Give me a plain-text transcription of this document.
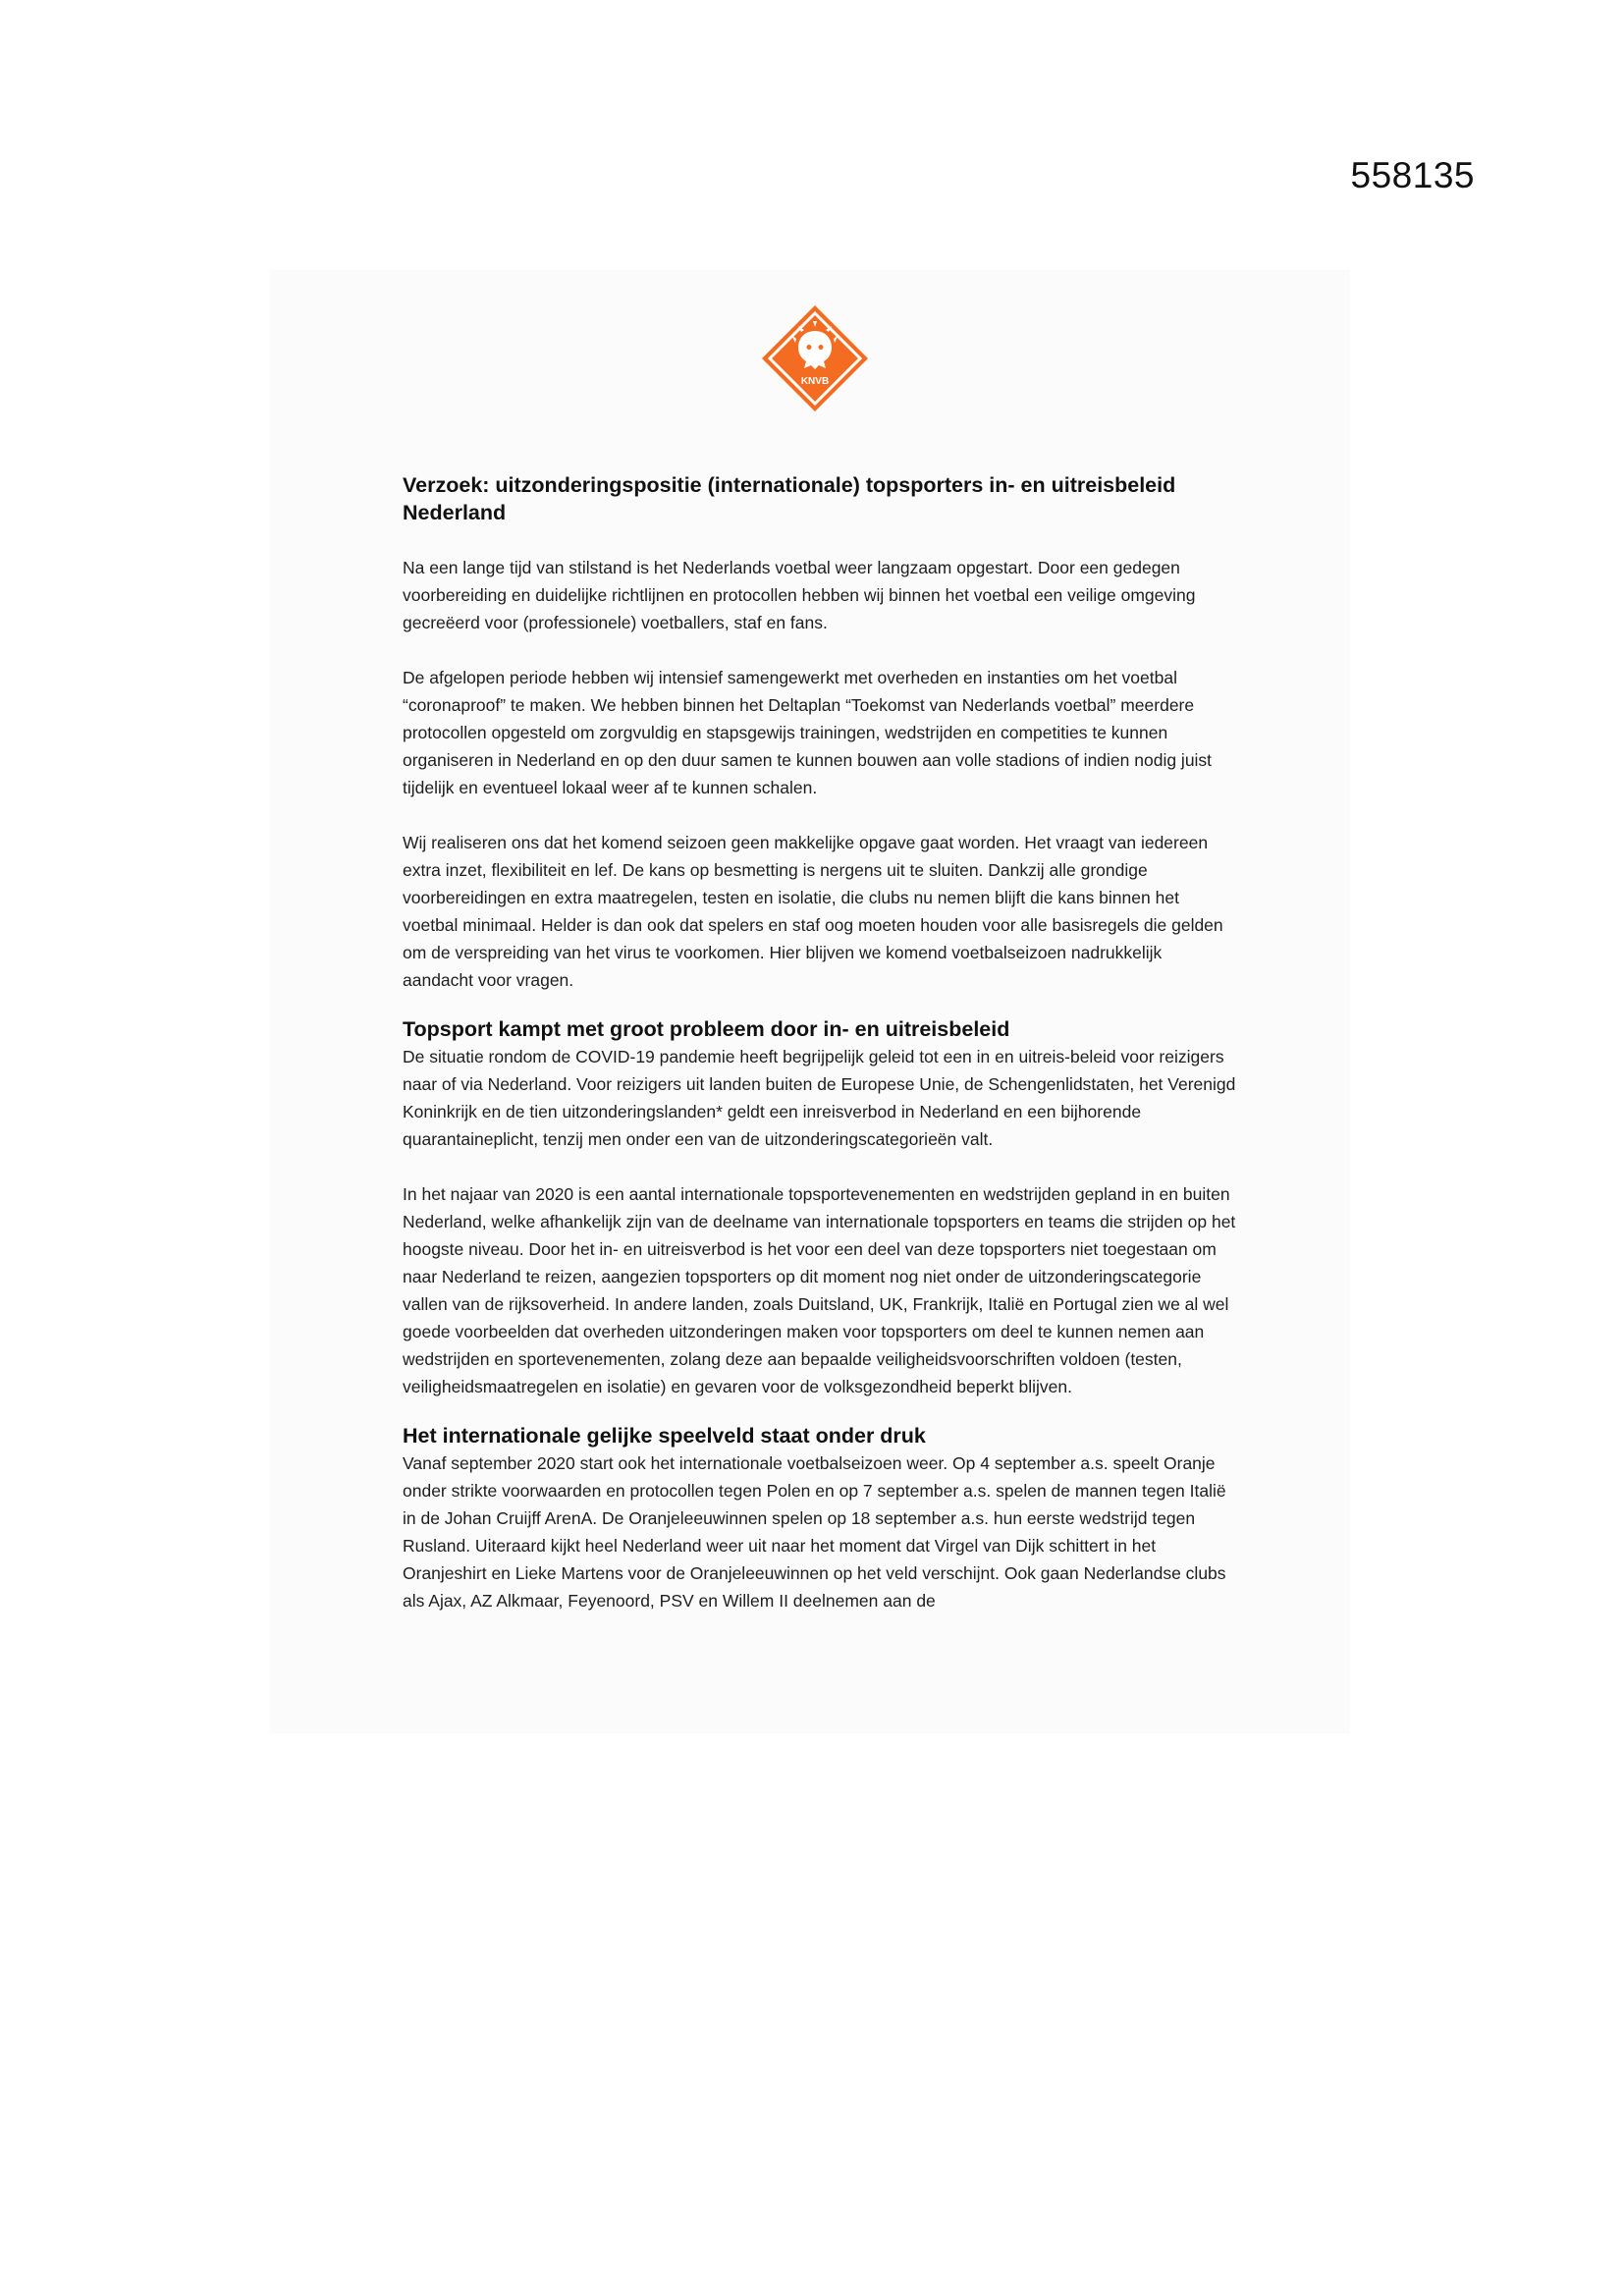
558135
KNVB
Verzoek: uitzonderingspositie (internationale) topsporters in- en uitreisbeleid Nederland

Na een lange tijd van stilstand is het Nederlands voetbal weer langzaam opgestart. Door een gedegen voorbereiding en duidelijke richtlijnen en protocollen hebben wij binnen het voetbal een veilige omgeving gecreëerd voor (professionele) voetballers, staf en fans.

De afgelopen periode hebben wij intensief samengewerkt met overheden en instanties om het voetbal “coronaproof” te maken. We hebben binnen het Deltaplan “Toekomst van Nederlands voetbal” meerdere protocollen opgesteld om zorgvuldig en stapsgewijs trainingen, wedstrijden en competities te kunnen organiseren in Nederland en op den duur samen te kunnen bouwen aan volle stadions of indien nodig juist tijdelijk en eventueel lokaal weer af te kunnen schalen.

Wij realiseren ons dat het komend seizoen geen makkelijke opgave gaat worden. Het vraagt van iedereen extra inzet, flexibiliteit en lef. De kans op besmetting is nergens uit te sluiten. Dankzij alle grondige voorbereidingen en extra maatregelen, testen en isolatie, die clubs nu nemen blijft die kans binnen het voetbal minimaal. Helder is dan ook dat spelers en staf oog moeten houden voor alle basisregels die gelden om de verspreiding van het virus te voorkomen. Hier blijven we komend voetbalseizoen nadrukkelijk aandacht voor vragen.

Topsport kampt met groot probleem door in- en uitreisbeleid

De situatie rondom de COVID-19 pandemie heeft begrijpelijk geleid tot een in en uitreis-beleid voor reizigers naar of via Nederland. Voor reizigers uit landen buiten de Europese Unie, de Schengenlidstaten, het Verenigd Koninkrijk en de tien uitzonderingslanden* geldt een inreisverbod in Nederland en een bijhorende quarantaineplicht, tenzij men onder een van de uitzonderingscategorieën valt.

In het najaar van 2020 is een aantal internationale topsportevenementen en wedstrijden gepland in en buiten Nederland, welke afhankelijk zijn van de deelname van internationale topsporters en teams die strijden op het hoogste niveau. Door het in- en uitreisverbod is het voor een deel van deze topsporters niet toegestaan om naar Nederland te reizen, aangezien topsporters op dit moment nog niet onder de uitzonderingscategorie vallen van de rijksoverheid. In andere landen, zoals Duitsland, UK, Frankrijk, Italië en Portugal zien we al wel goede voorbeelden dat overheden uitzonderingen maken voor topsporters om deel te kunnen nemen aan wedstrijden en sportevenementen, zolang deze aan bepaalde veiligheidsvoorschriften voldoen (testen, veiligheidsmaatregelen en isolatie) en gevaren voor de volksgezondheid beperkt blijven.

Het internationale gelijke speelveld staat onder druk

Vanaf september 2020 start ook het internationale voetbalseizoen weer. Op 4 september a.s. speelt Oranje onder strikte voorwaarden en protocollen tegen Polen en op 7 september a.s. spelen de mannen tegen Italië in de Johan Cruijff ArenA. De Oranjeleeuwinnen spelen op 18 september a.s. hun eerste wedstrijd tegen Rusland. Uiteraard kijkt heel Nederland weer uit naar het moment dat Virgel van Dijk schittert in het Oranjeshirt en Lieke Martens voor de Oranjeleeuwinnen op het veld verschijnt. Ook gaan Nederlandse clubs als Ajax, AZ Alkmaar, Feyenoord, PSV en Willem II deelnemen aan de
